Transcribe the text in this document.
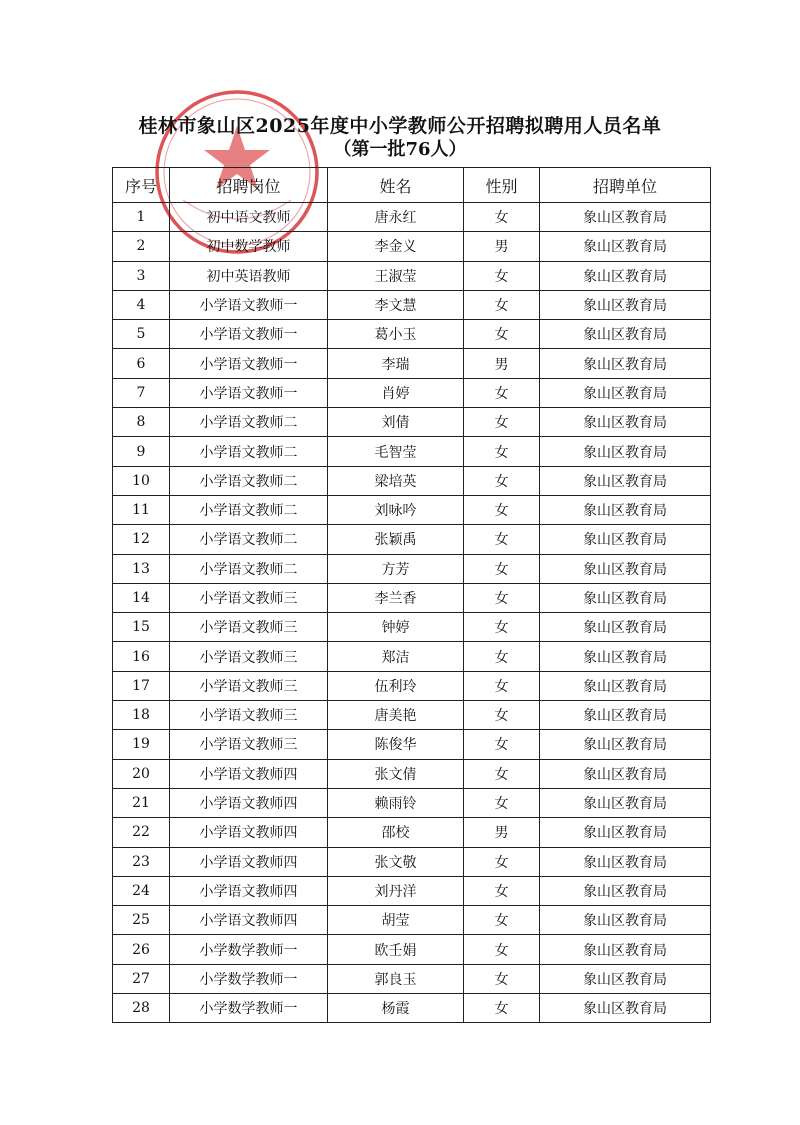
桂林市象山区2025年度中小学教师公开招聘拟聘用人员名单
（第一批76人）
序号	招聘岗位	姓名	性别	招聘单位
1	初中语文教师	唐永红	女	象山区教育局
2	初中数学教师	李金义	男	象山区教育局
3	初中英语教师	王淑莹	女	象山区教育局
4	小学语文教师一	李文慧	女	象山区教育局
5	小学语文教师一	葛小玉	女	象山区教育局
6	小学语文教师一	李瑞	男	象山区教育局
7	小学语文教师一	肖婷	女	象山区教育局
8	小学语文教师二	刘倩	女	象山区教育局
9	小学语文教师二	毛智莹	女	象山区教育局
10	小学语文教师二	梁培英	女	象山区教育局
11	小学语文教师二	刘咏吟	女	象山区教育局
12	小学语文教师二	张颖禹	女	象山区教育局
13	小学语文教师二	方芳	女	象山区教育局
14	小学语文教师三	李兰香	女	象山区教育局
15	小学语文教师三	钟婷	女	象山区教育局
16	小学语文教师三	郑洁	女	象山区教育局
17	小学语文教师三	伍利玲	女	象山区教育局
18	小学语文教师三	唐美艳	女	象山区教育局
19	小学语文教师三	陈俊华	女	象山区教育局
20	小学语文教师四	张文倩	女	象山区教育局
21	小学语文教师四	赖雨铃	女	象山区教育局
22	小学语文教师四	邵校	男	象山区教育局
23	小学语文教师四	张文敬	女	象山区教育局
24	小学语文教师四	刘丹洋	女	象山区教育局
25	小学语文教师四	胡莹	女	象山区教育局
26	小学数学教师一	欧壬娟	女	象山区教育局
27	小学数学教师一	郭良玉	女	象山区教育局
28	小学数学教师一	杨霞	女	象山区教育局
